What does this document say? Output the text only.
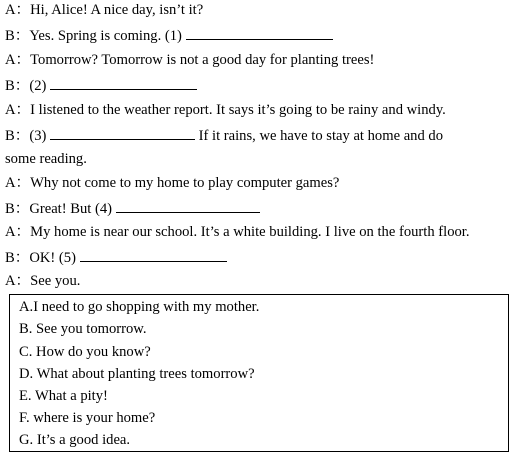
A：Hi, Alice! A nice day, isn’t it?
B：Yes. Spring is coming. (1)
A：Tomorrow? Tomorrow is not a good day for planting trees!
B：(2)
A：I listened to the weather report. It says it’s going to be rainy and windy.
B：(3)	If it rains, we have to stay at home and do
some reading.
A：Why not come to my home to play computer games?
B：Great! But (4)
A：My home is near our school. It’s a white building. I live on the fourth floor.
B：OK! (5)
A：See you.
A.I need to go shopping with my mother.
B. See you tomorrow.
C. How do you know?
D. What about planting trees tomorrow?
E. What a pity!
F. where is your home?
G. It’s a good idea.
